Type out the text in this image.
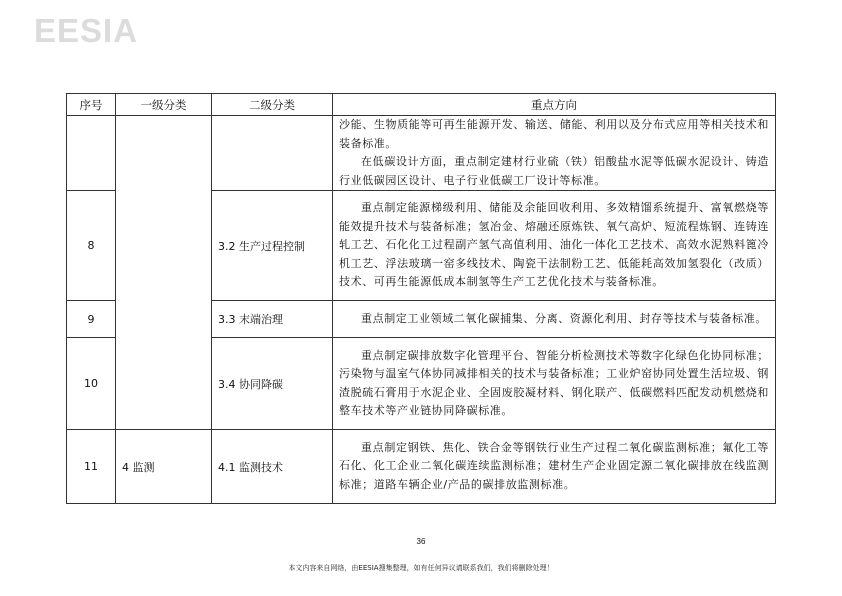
EESIA
序号	一级分类	二级分类	重点方向

			沙能、生物质能等可再生能源开发、输送、储能、利用以及分布式应用等相关技术和装备标准。
在低碳设计方面，重点制定建材行业硫（铁）铝酸盐水泥等低碳水泥设计、铸造行业低碳园区设计、电子行业低碳工厂设计等标准。

8		3.2 生产过程控制	重点制定能源梯级利用、储能及余能回收利用、多效精馏系统提升、富氧燃烧等能效提升技术与装备标准；氢冶金、熔融还原炼铁、氧气高炉、短流程炼钢、连铸连轧工艺、石化化工过程副产氢气高值利用、油化一体化工艺技术、高效水泥熟料篦冷机工艺、浮法玻璃一窑多线技术、陶瓷干法制粉工艺、低能耗高效加氢裂化（改质）技术、可再生能源低成本制氢等生产工艺优化技术与装备标准。

9		3.3 末端治理	重点制定工业领域二氧化碳捕集、分离、资源化利用、封存等技术与装备标准。

10		3.4 协同降碳	重点制定碳排放数字化管理平台、智能分析检测技术等数字化绿色化协同标准；污染物与温室气体协同减排相关的技术与装备标准；工业炉窑协同处置生活垃圾、钢渣脱硫石膏用于水泥企业、全固废胶凝材料、钢化联产、低碳燃料匹配发动机燃烧和整车技术等产业链协同降碳标准。

11	4 监测	4.1 监测技术	重点制定钢铁、焦化、铁合金等钢铁行业生产过程二氧化碳监测标准；氟化工等石化、化工企业二氧化碳连续监测标准；建材生产企业固定源二氧化碳排放在线监测标准；道路车辆企业/产品的碳排放监测标准。
36
本文内容来自网络，由EESIA搜集整理，如有任何异议请联系我们，我们将删除处理！
